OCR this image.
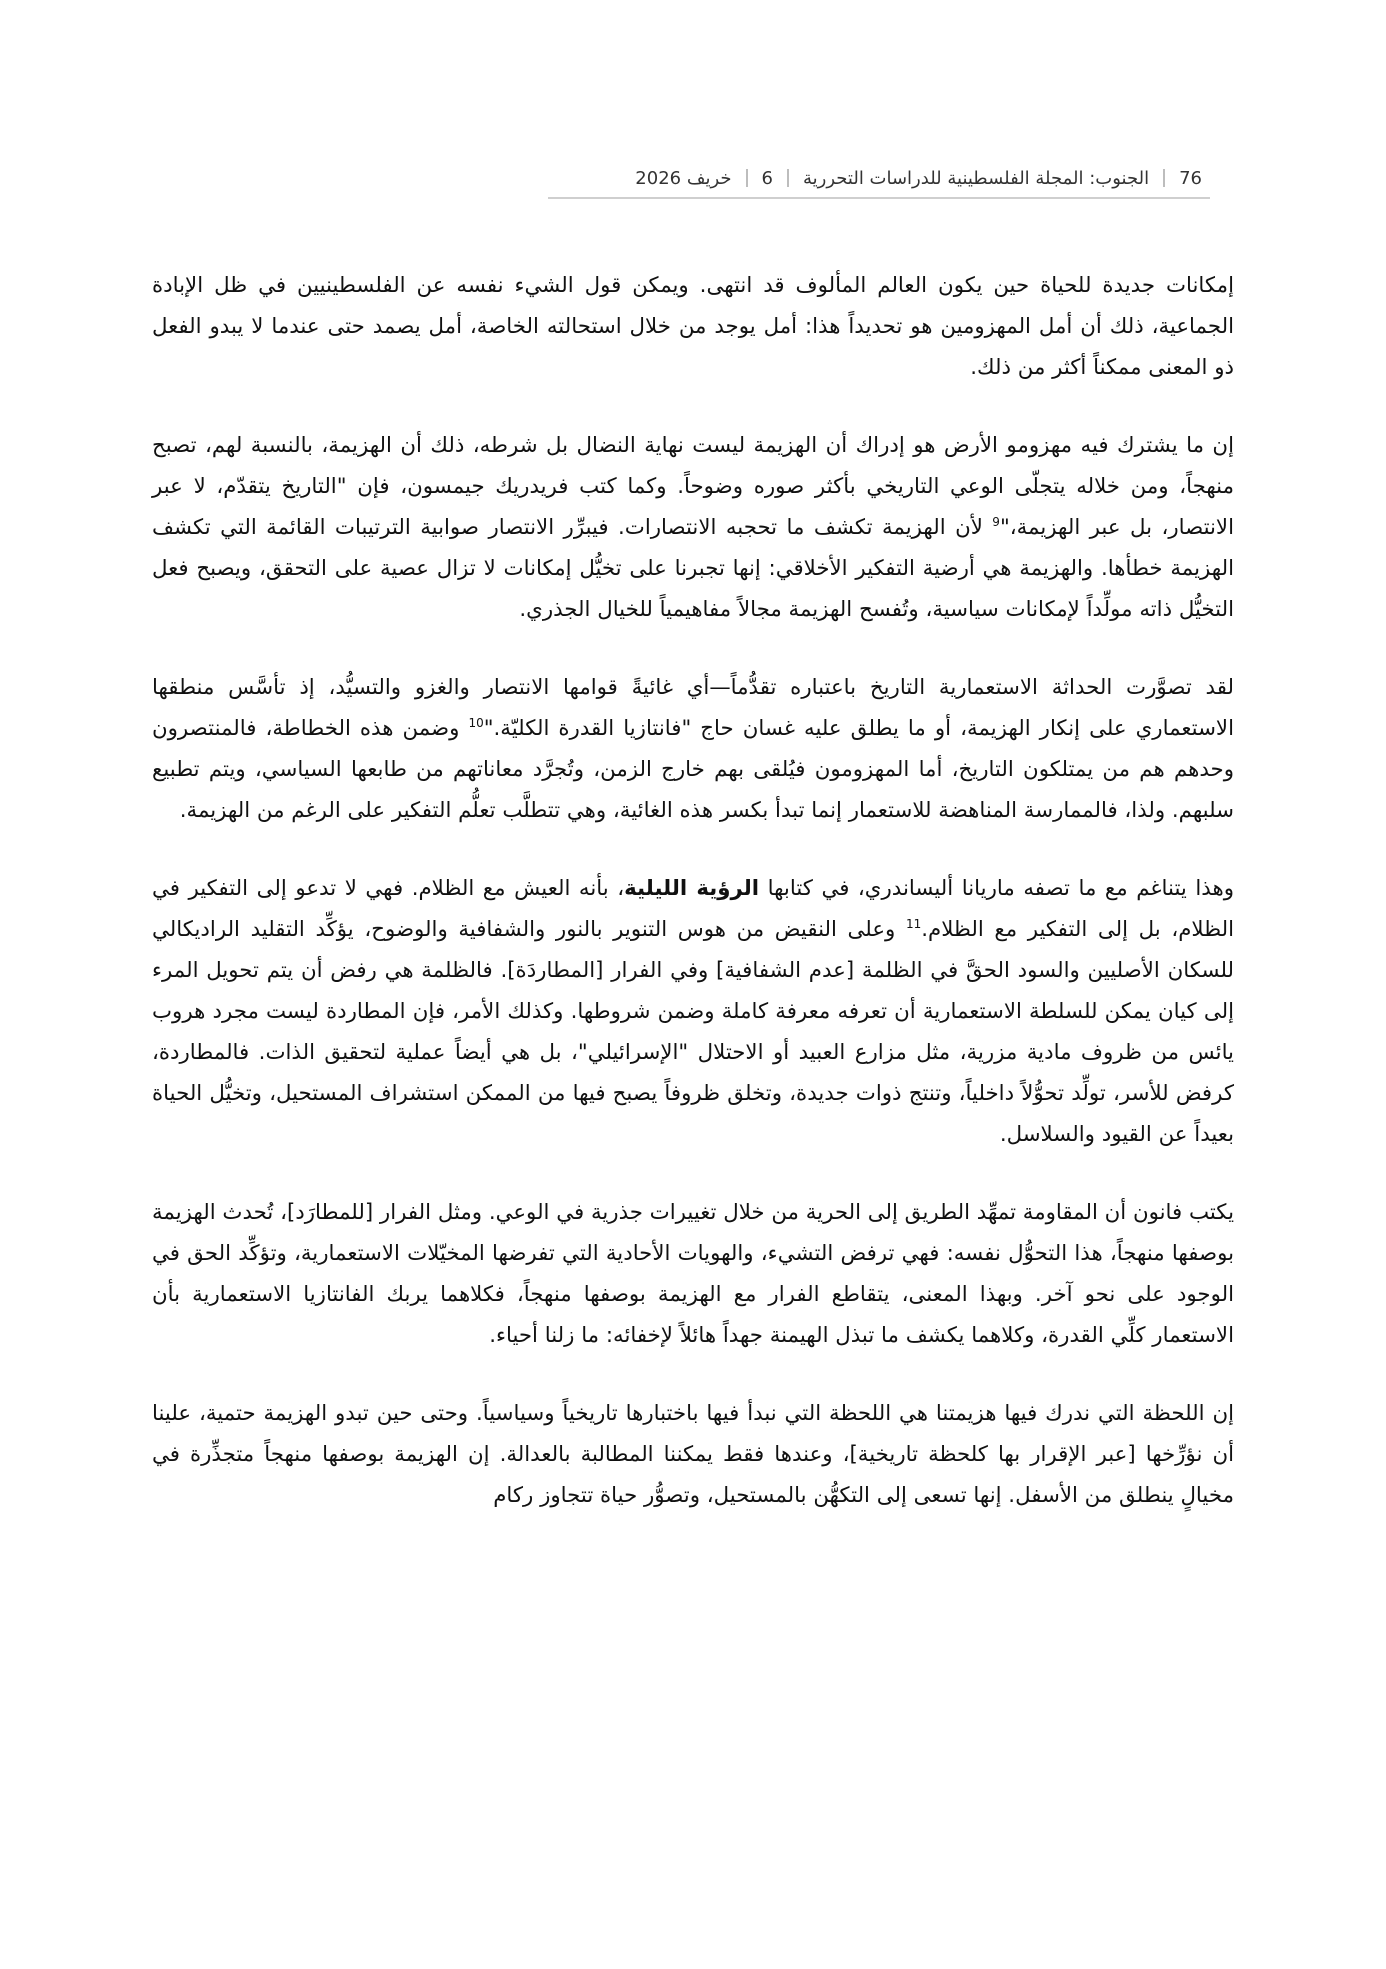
76
الجنوب: المجلة الفلسطينية للدراسات التحررية
6
خريف 2026

إمكانات جديدة للحياة حين يكون العالم المألوف قد انتهى. ويمكن قول الشيء نفسه عن الفلسطينيين في ظل الإبادة الجماعية، ذلك أن أمل المهزومين هو تحديداً هذا: أمل يوجد من خلال استحالته الخاصة، أمل يصمد حتى عندما لا يبدو الفعل ذو المعنى ممكناً أكثر من ذلك.

إن ما يشترك فيه مهزومو الأرض هو إدراك أن الهزيمة ليست نهاية النضال بل شرطه، ذلك أن الهزيمة، بالنسبة لهم، تصبح منهجاً، ومن خلاله يتجلّى الوعي التاريخي بأكثر صوره وضوحاً. وكما كتب فريدريك جيمسون، فإن "التاريخ يتقدّم، لا عبر الانتصار، بل عبر الهزيمة،"$^9$ لأن الهزيمة تكشف ما تحجبه الانتصارات. فيبرِّر الانتصار صوابية الترتيبات القائمة التي تكشف الهزيمة خطأها. والهزيمة هي أرضية التفكير الأخلاقي: إنها تجبرنا على تخيُّل إمكانات لا تزال عصية على التحقق، ويصبح فعل التخيُّل ذاته مولِّداً لإمكانات سياسية، وتُفسح الهزيمة مجالاً مفاهيمياً للخيال الجذري.

لقد تصوَّرت الحداثة الاستعمارية التاريخ باعتباره تقدُّماً—أي غائيةً قوامها الانتصار والغزو والتسيُّد، إذ تأسَّس منطقها الاستعماري على إنكار الهزيمة، أو ما يطلق عليه غسان حاج "فانتازيا القدرة الكليّة."$^{10}$ وضمن هذه الخطاطة، فالمنتصرون وحدهم هم من يمتلكون التاريخ، أما المهزومون فيُلقى بهم خارج الزمن، وتُجرَّد معاناتهم من طابعها السياسي، ويتم تطبيع سلبهم. ولذا، فالممارسة المناهضة للاستعمار إنما تبدأ بكسر هذه الغائية، وهي تتطلَّب تعلُّم التفكير على الرغم من الهزيمة.

وهذا يتناغم مع ما تصفه ماريانا أليساندري، في كتابها الرؤية الليلية، بأنه العيش مع الظلام. فهي لا تدعو إلى التفكير في الظلام، بل إلى التفكير مع الظلام.$^{11}$ وعلى النقيض من هوس التنوير بالنور والشفافية والوضوح، يؤكِّد التقليد الراديكالي للسكان الأصليين والسود الحقَّ في الظلمة [عدم الشفافية] وفي الفرار [المطاردَة]. فالظلمة هي رفض أن يتم تحويل المرء إلى كيان يمكن للسلطة الاستعمارية أن تعرفه معرفة كاملة وضمن شروطها. وكذلك الأمر، فإن المطاردة ليست مجرد هروب يائس من ظروف مادية مزرية، مثل مزارع العبيد أو الاحتلال "الإسرائيلي"، بل هي أيضاً عملية لتحقيق الذات. فالمطاردة، كرفض للأسر، تولِّد تحوُّلاً داخلياً، وتنتج ذوات جديدة، وتخلق ظروفاً يصبح فيها من الممكن استشراف المستحيل، وتخيُّل الحياة بعيداً عن القيود والسلاسل.

يكتب فانون أن المقاومة تمهِّد الطريق إلى الحرية من خلال تغييرات جذرية في الوعي. ومثل الفرار [للمطارَد]، تُحدث الهزيمة بوصفها منهجاً، هذا التحوُّل نفسه: فهي ترفض التشيء، والهويات الأحادية التي تفرضها المخيّلات الاستعمارية، وتؤكِّد الحق في الوجود على نحو آخر. وبهذا المعنى، يتقاطع الفرار مع الهزيمة بوصفها منهجاً، فكلاهما يربك الفانتازيا الاستعمارية بأن الاستعمار كلِّي القدرة، وكلاهما يكشف ما تبذل الهيمنة جهداً هائلاً لإخفائه: ما زلنا أحياء.

إن اللحظة التي ندرك فيها هزيمتنا هي اللحظة التي نبدأ فيها باختبارها تاريخياً وسياسياً. وحتى حين تبدو الهزيمة حتمية، علينا أن نؤرِّخها [عبر الإقرار بها كلحظة تاريخية]، وعندها فقط يمكننا المطالبة بالعدالة. إن الهزيمة بوصفها منهجاً متجذِّرة في مخيالٍ ينطلق من الأسفل. إنها تسعى إلى التكهُّن بالمستحيل، وتصوُّر حياة تتجاوز ركام
